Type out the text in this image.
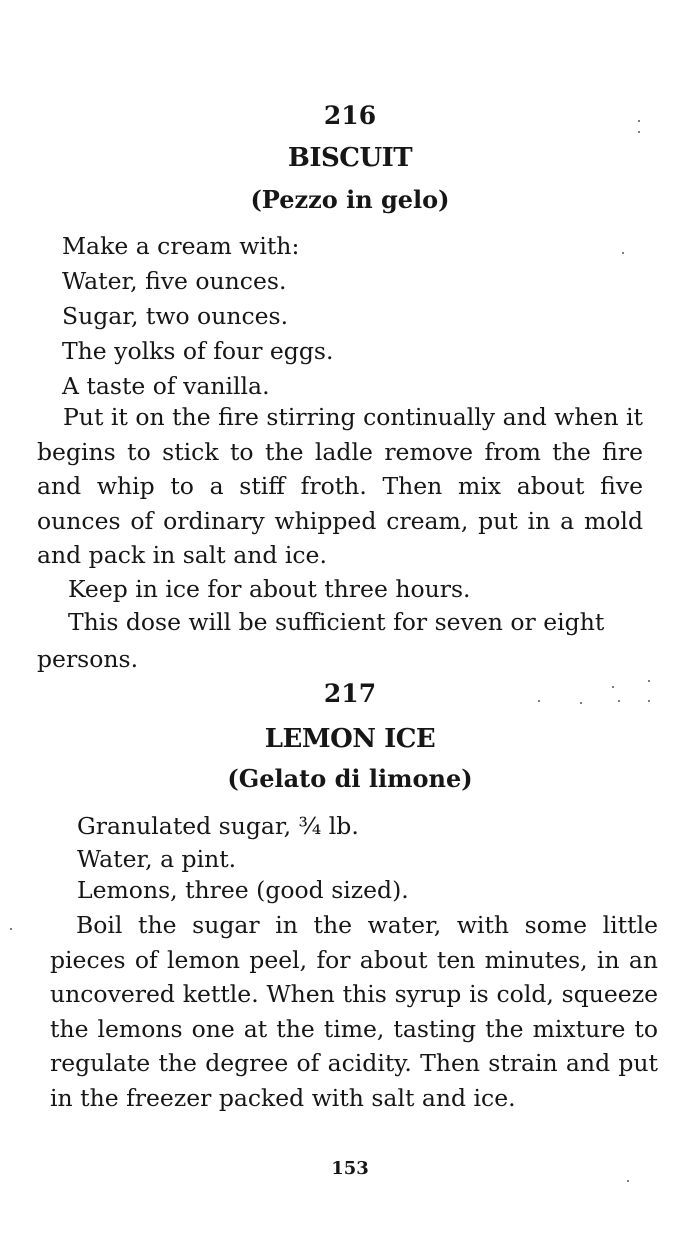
216
BISCUIT
(Pezzo in gelo)
Make a cream with:
Water, five ounces.
Sugar, two ounces.
The yolks of four eggs.
A taste of vanilla.
Put it on the fire stirring continually and when it begins to stick to the ladle remove from the fire and whip to a stiff froth. Then mix about five ounces of ordinary whipped cream, put in a mold and pack in salt and ice.
Keep in ice for about three hours.
This dose will be sufficient for seven or eight
persons.
217
LEMON ICE
(Gelato di limone)
Granulated sugar, ¾ lb.
Water, a pint.
Lemons, three (good sized).
Boil the sugar in the water, with some little pieces of lemon peel, for about ten minutes, in an uncovered kettle. When this syrup is cold, squeeze the lemons one at the time, tasting the mixture to regulate the degree of acidity. Then strain and put in the freezer packed with salt and ice.
153
